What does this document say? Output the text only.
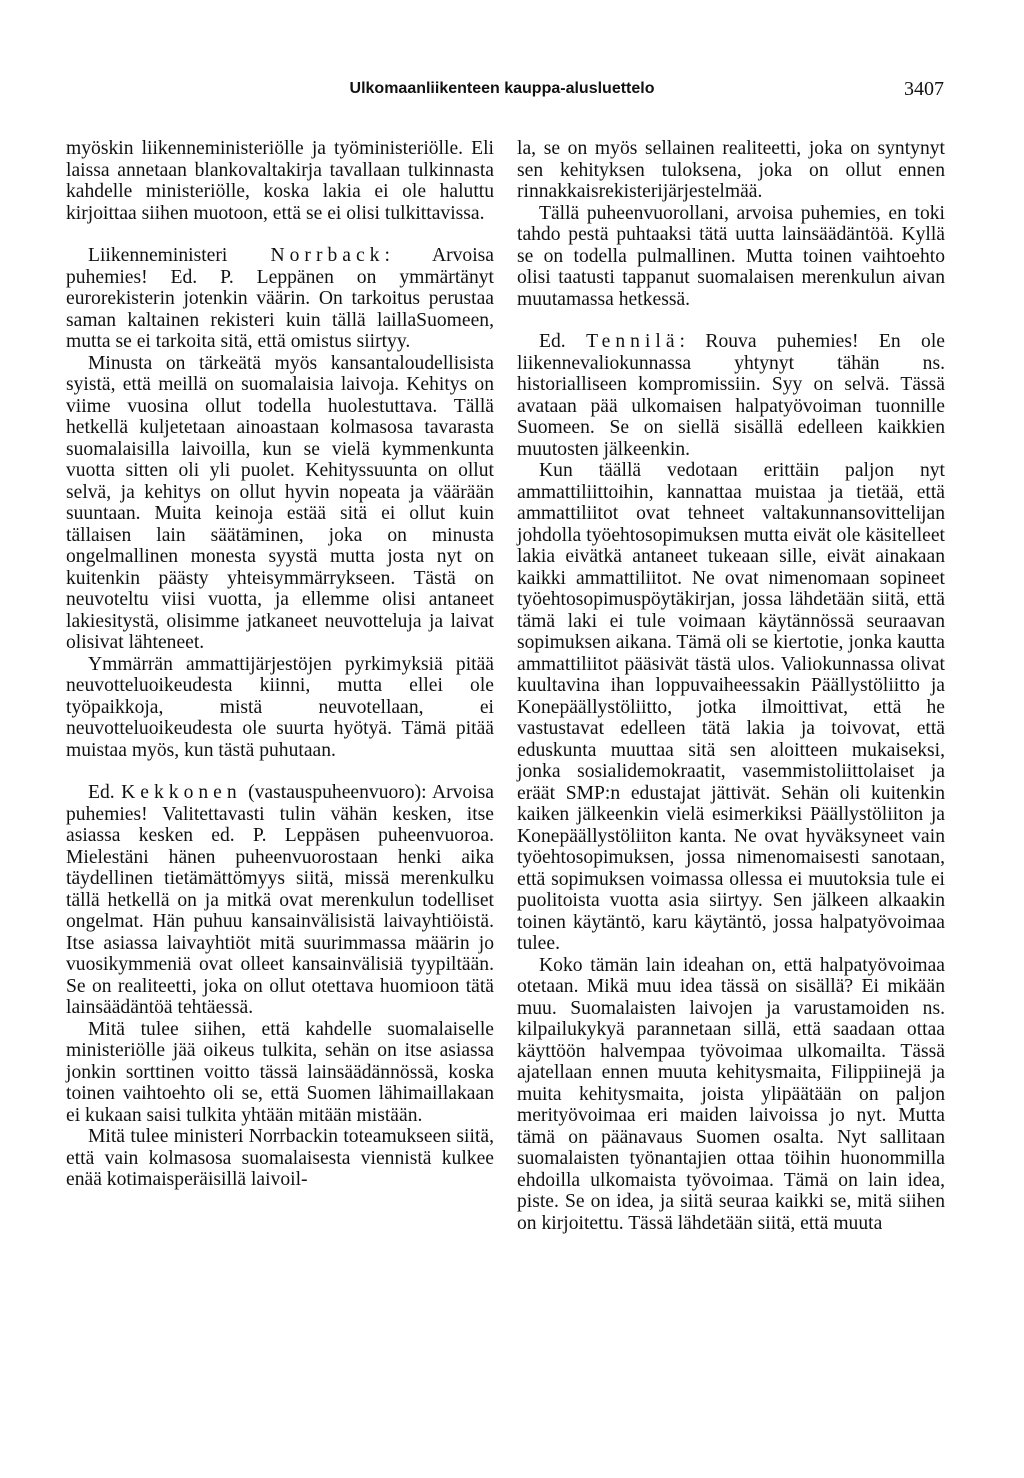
Ulkomaanliikenteen kauppa-alusluettelo	3407

myöskin liikenneministeriölle ja työministeriölle. Eli laissa annetaan blankovaltakirja tavallaan tulkinnasta kahdelle ministeriölle, koska lakia ei ole haluttu kirjoittaa siihen muotoon, että se ei olisi tulkittavissa.

Liikenneministeri Norrback: Arvoisa puhemies! Ed. P. Leppänen on ymmärtänyt eurorekisterin jotenkin väärin. On tarkoitus perustaa saman kaltainen rekisteri kuin tällä laillaSuomeen, mutta se ei tarkoita sitä, että omistus siirtyy.

Minusta on tärkeätä myös kansantaloudellisista syistä, että meillä on suomalaisia laivoja. Kehitys on viime vuosina ollut todella huolestuttava. Tällä hetkellä kuljetetaan ainoastaan kolmasosa tavarasta suomalaisilla laivoilla, kun se vielä kymmenkunta vuotta sitten oli yli puolet. Kehityssuunta on ollut selvä, ja kehitys on ollut hyvin nopeata ja väärään suuntaan. Muita keinoja estää sitä ei ollut kuin tällaisen lain säätäminen, joka on minusta ongelmallinen monesta syystä mutta josta nyt on kuitenkin päästy yhteisymmärrykseen. Tästä on neuvoteltu viisi vuotta, ja ellemme olisi antaneet lakiesitystä, olisimme jatkaneet neuvotteluja ja laivat olisivat lähteneet.

Ymmärrän ammattijärjestöjen pyrkimyksiä pitää neuvotteluoikeudesta kiinni, mutta ellei ole työpaikkoja, mistä neuvotellaan, ei neuvotteluoikeudesta ole suurta hyötyä. Tämä pitää muistaa myös, kun tästä puhutaan.

Ed. Kekkonen (vastauspuheenvuoro): Arvoisa puhemies! Valitettavasti tulin vähän kesken, itse asiassa kesken ed. P. Leppäsen puheenvuoroa. Mielestäni hänen puheenvuorostaan henki aika täydellinen tietämättömyys siitä, missä merenkulku tällä hetkellä on ja mitkä ovat merenkulun todelliset ongelmat. Hän puhuu kansainvälisistä laivayhtiöistä. Itse asiassa laivayhtiöt mitä suurimmassa määrin jo vuosikymmeniä ovat olleet kansainvälisiä tyypiltään. Se on realiteetti, joka on ollut otettava huomioon tätä lainsäädäntöä tehtäessä.

Mitä tulee siihen, että kahdelle suomalaiselle ministeriölle jää oikeus tulkita, sehän on itse asiassa jonkin sorttinen voitto tässä lainsäädännössä, koska toinen vaihtoehto oli se, että Suomen lähimaillakaan ei kukaan saisi tulkita yhtään mitään mistään.

Mitä tulee ministeri Norrbackin toteamukseen siitä, että vain kolmasosa suomalaisesta viennistä kulkee enää kotimaisperäisillä laivoil-

la, se on myös sellainen realiteetti, joka on syntynyt sen kehityksen tuloksena, joka on ollut ennen rinnakkaisrekisterijärjestelmää.

Tällä puheenvuorollani, arvoisa puhemies, en toki tahdo pestä puhtaaksi tätä uutta lainsäädäntöä. Kyllä se on todella pulmallinen. Mutta toinen vaihtoehto olisi taatusti tappanut suomalaisen merenkulun aivan muutamassa hetkessä.

Ed. Tennilä: Rouva puhemies! En ole liikennevaliokunnassa yhtynyt tähän ns. historialliseen kompromissiin. Syy on selvä. Tässä avataan pää ulkomaisen halpatyövoiman tuonnille Suomeen. Se on siellä sisällä edelleen kaikkien muutosten jälkeenkin.

Kun täällä vedotaan erittäin paljon nyt ammattiliittoihin, kannattaa muistaa ja tietää, että ammattiliitot ovat tehneet valtakunnansovittelijan johdolla työehtosopimuksen mutta eivät ole käsitelleet lakia eivätkä antaneet tukeaan sille, eivät ainakaan kaikki ammattiliitot. Ne ovat nimenomaan sopineet työehtosopimuspöytäkirjan, jossa lähdetään siitä, että tämä laki ei tule voimaan käytännössä seuraavan sopimuksen aikana. Tämä oli se kiertotie, jonka kautta ammattiliitot pääsivät tästä ulos. Valiokunnassa olivat kuultavina ihan loppuvaiheessakin Päällystöliitto ja Konepäällystöliitto, jotka ilmoittivat, että he vastustavat edelleen tätä lakia ja toivovat, että eduskunta muuttaa sitä sen aloitteen mukaiseksi, jonka sosialidemokraatit, vasemmistoliittolaiset ja eräät SMP:n edustajat jättivät. Sehän oli kuitenkin kaiken jälkeenkin vielä esimerkiksi Päällystöliiton ja Konepäällystöliiton kanta. Ne ovat hyväksyneet vain työehtosopimuksen, jossa nimenomaisesti sanotaan, että sopimuksen voimassa ollessa ei muutoksia tule ei puolitoista vuotta asia siirtyy. Sen jälkeen alkaakin toinen käytäntö, karu käytäntö, jossa halpatyövoimaa tulee.

Koko tämän lain ideahan on, että halpatyövoimaa otetaan. Mikä muu idea tässä on sisällä? Ei mikään muu. Suomalaisten laivojen ja varustamoiden ns. kilpailukykyä parannetaan sillä, että saadaan ottaa käyttöön halvempaa työvoimaa ulkomailta. Tässä ajatellaan ennen muuta kehitysmaita, Filippiinejä ja muita kehitysmaita, joista ylipäätään on paljon merityövoimaa eri maiden laivoissa jo nyt. Mutta tämä on päänavaus Suomen osalta. Nyt sallitaan suomalaisten työnantajien ottaa töihin huonommilla ehdoilla ulkomaista työvoimaa. Tämä on lain idea, piste. Se on idea, ja siitä seuraa kaikki se, mitä siihen on kirjoitettu. Tässä lähdetään siitä, että muuta
